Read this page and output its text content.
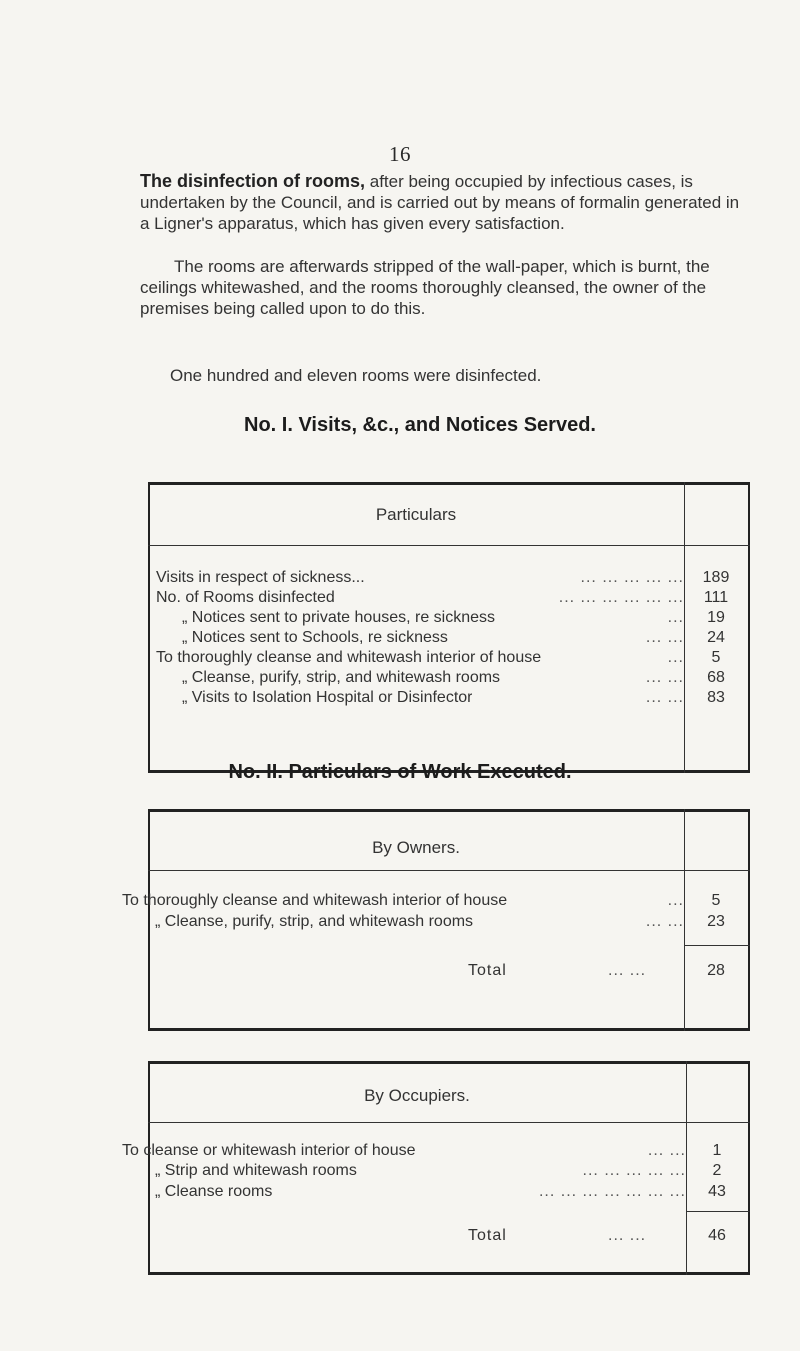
16
The disinfection of rooms, after being occupied by infectious cases, is undertaken by the Council, and is carried out by means of formalin generated in a Ligner's apparatus, which has given every satisfaction.
The rooms are afterwards stripped of the wall-paper, which is burnt, the ceilings whitewashed, and the rooms thoroughly cleansed, the owner of the premises being called upon to do this.
One hundred and eleven rooms were disinfected.
No. I. Visits, &c., and Notices Served.
Particulars
Visits in respect of sickness...	... ... ... ... ...	189
No. of Rooms disinfected	... ... ... ... ... ...	111
„ Notices sent to private houses, re sickness	...	19
„ Notices sent to Schools, re sickness	... ...	24
To thoroughly cleanse and whitewash interior of house	...	5
„ Cleanse, purify, strip, and whitewash rooms	... ...	68
„ Visits to Isolation Hospital or Disinfector	... ...	83
No. II. Particulars of Work Executed.
By Owners.
To thoroughly cleanse and whitewash interior of house	...	5
„ Cleanse, purify, strip, and whitewash rooms	... ...	23
Total	... ...	28
By Occupiers.
To cleanse or whitewash interior of house	... ...	1
„ Strip and whitewash rooms	... ... ... ... ...	2
„ Cleanse rooms	... ... ... ... ... ... ...	43
Total	... ...	46
